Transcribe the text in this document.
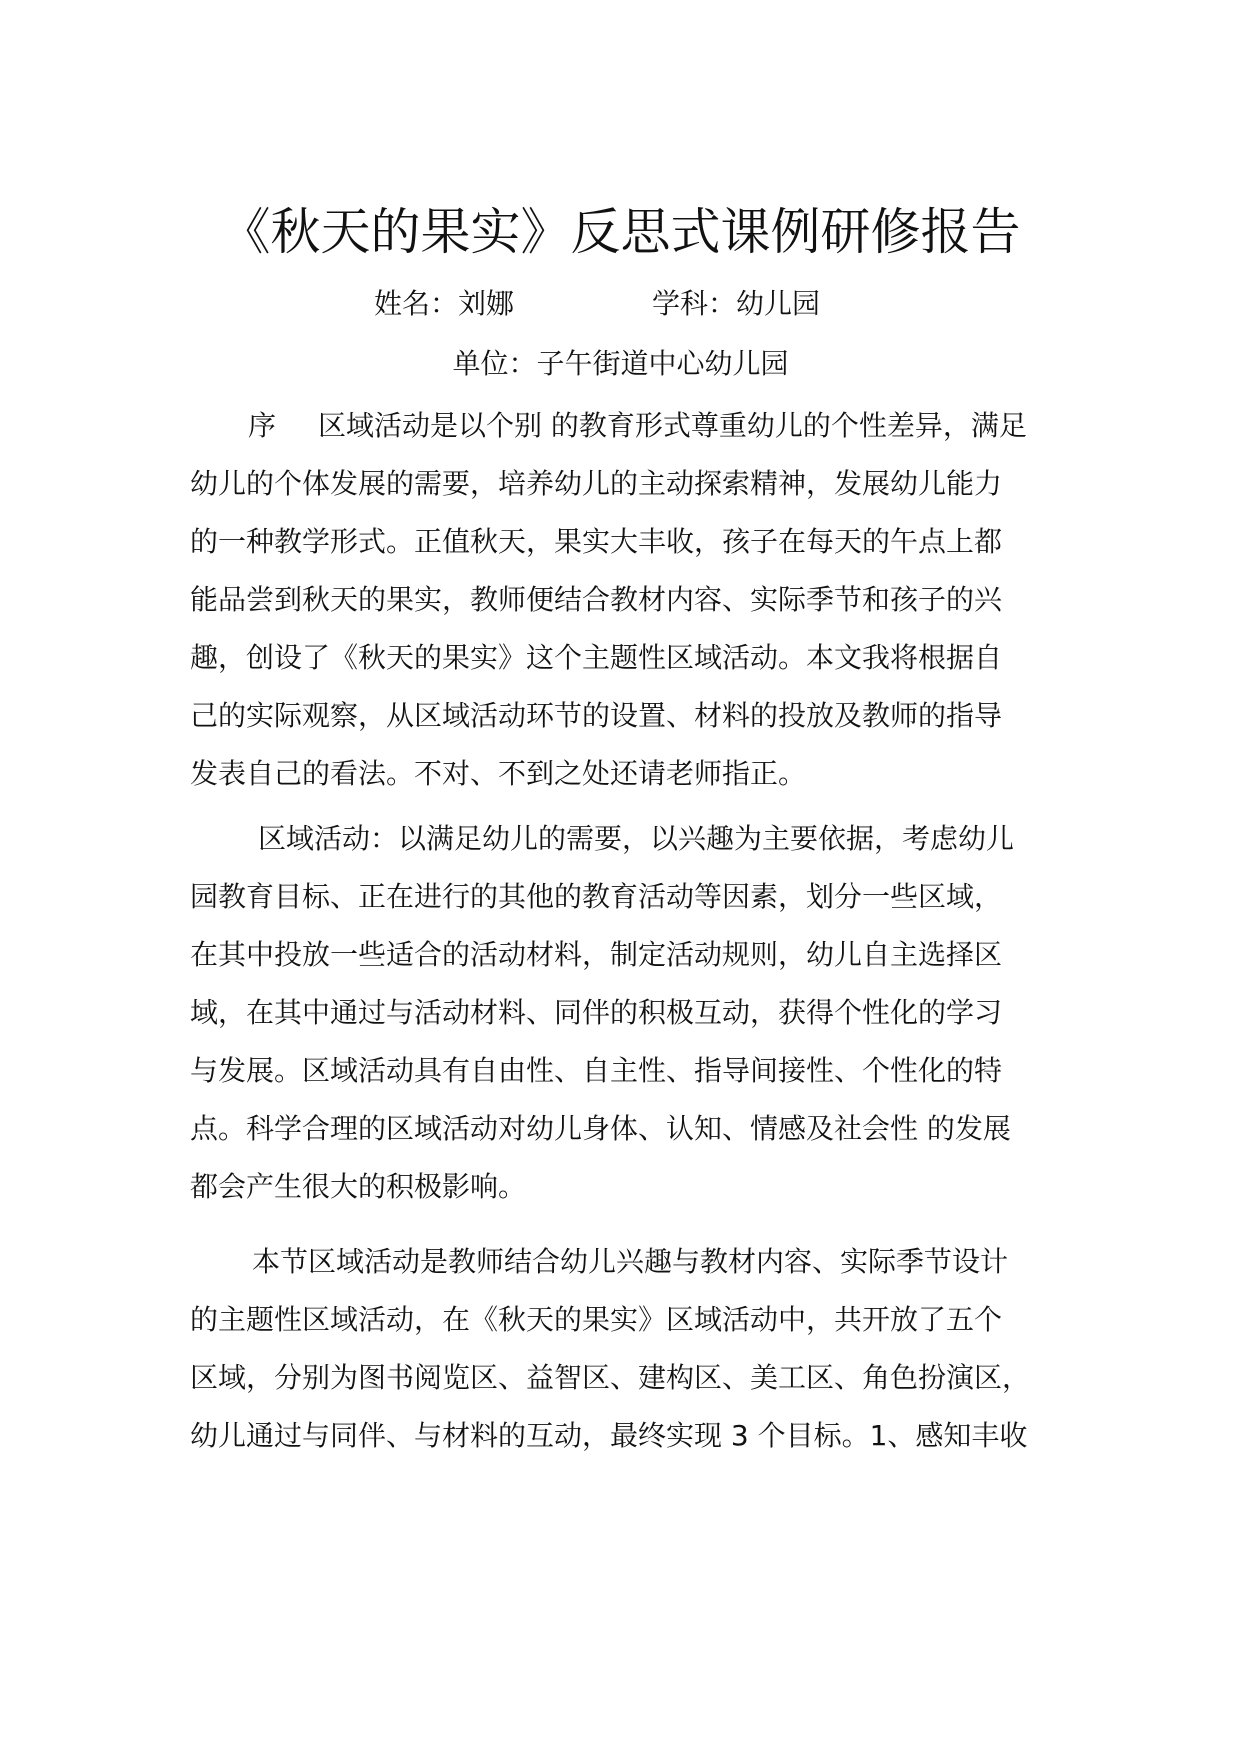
《秋天的果实》反思式课例研修报告
姓名：刘娜	学科：幼儿园
单位：子午街道中心幼儿园
序 区域活动是以个别 的教育形式尊重幼儿的个性差异，满足
幼儿的个体发展的需要，培养幼儿的主动探索精神，发展幼儿能力
的一种教学形式。正值秋天，果实大丰收，孩子在每天的午点上都
能品尝到秋天的果实，教师便结合教材内容、实际季节和孩子的兴
趣，创设了《秋天的果实》这个主题性区域活动。本文我将根据自
己的实际观察，从区域活动环节的设置、材料的投放及教师的指导
发表自己的看法。不对、不到之处还请老师指正。
区域活动：以满足幼儿的需要，以兴趣为主要依据，考虑幼儿
园教育目标、正在进行的其他的教育活动等因素，划分一些区域，
在其中投放一些适合的活动材料，制定活动规则，幼儿自主选择区
域，在其中通过与活动材料、同伴的积极互动，获得个性化的学习
与发展。区域活动具有自由性、自主性、指导间接性、个性化的特
点。科学合理的区域活动对幼儿身体、认知、情感及社会性 的发展
都会产生很大的积极影响。
本节区域活动是教师结合幼儿兴趣与教材内容、实际季节设计
的主题性区域活动，在《秋天的果实》区域活动中，共开放了五个
区域，分别为图书阅览区、益智区、建构区、美工区、角色扮演区，
幼儿通过与同伴、与材料的互动，最终实现 3 个目标。1、感知丰收
